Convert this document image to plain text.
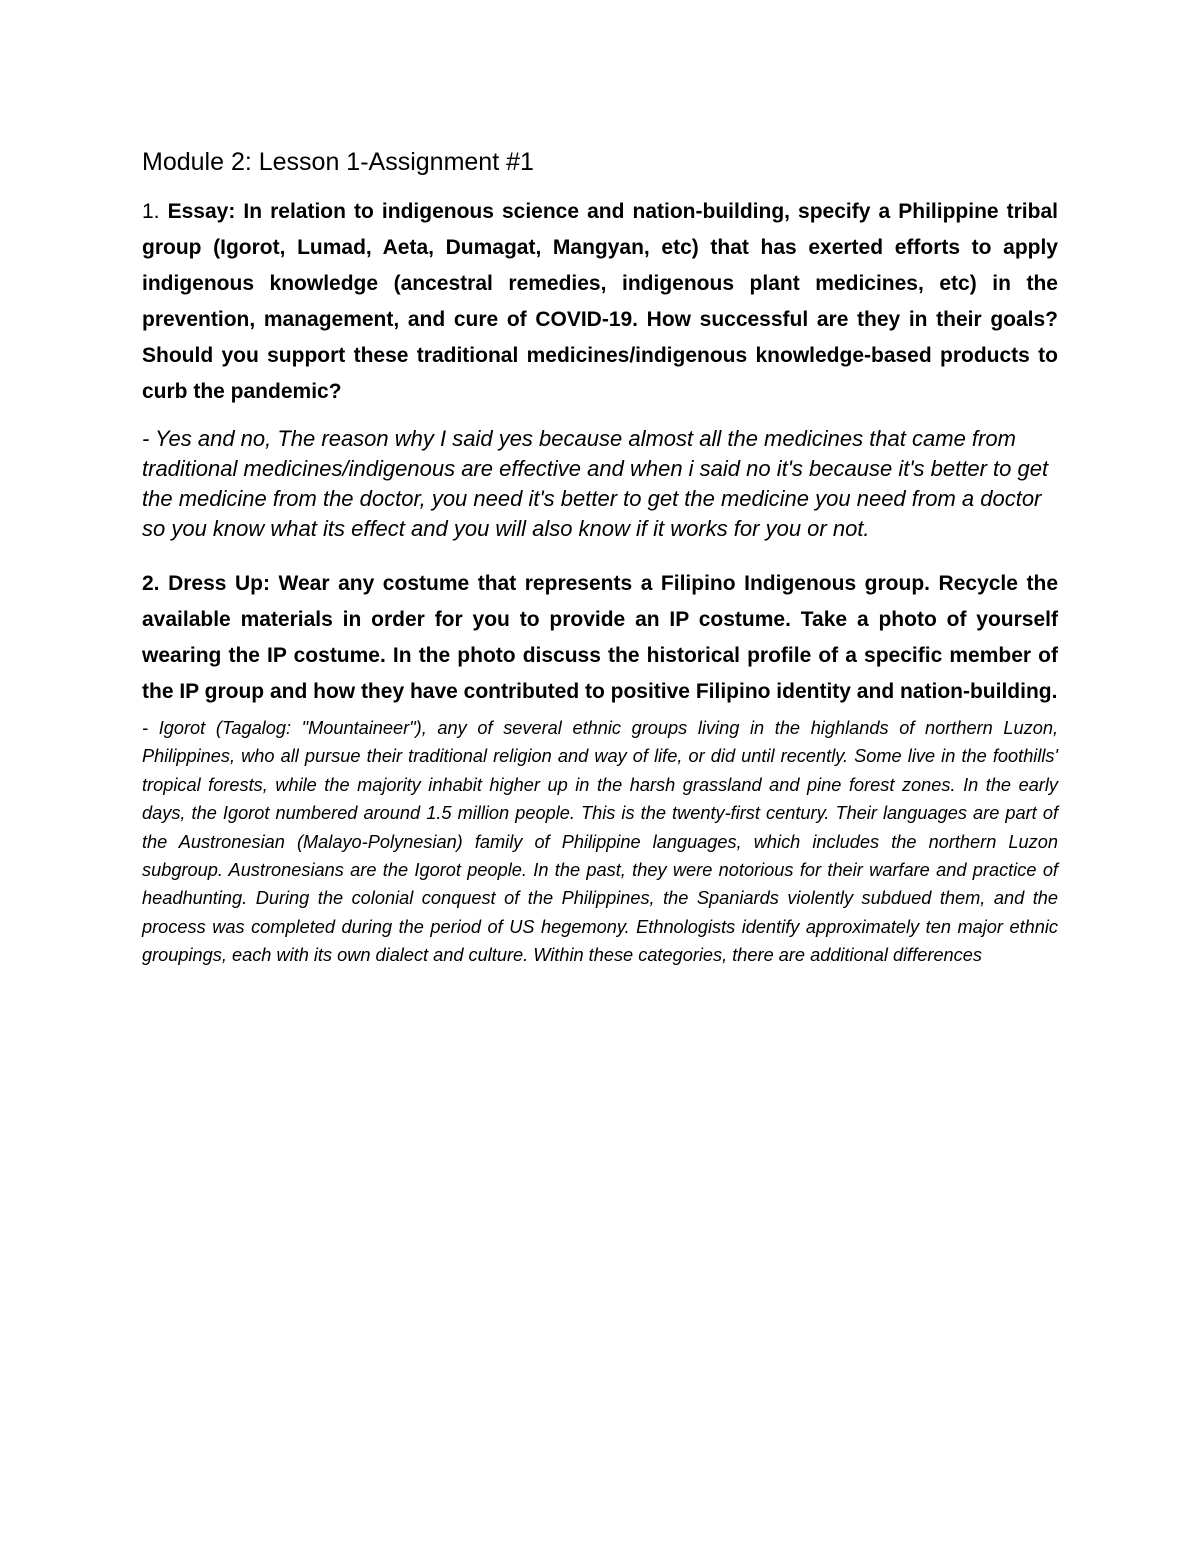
Module 2: Lesson 1-Assignment #1

1. Essay: In relation to indigenous science and nation-building, specify a Philippine tribal group (Igorot, Lumad, Aeta, Dumagat, Mangyan, etc) that has exerted efforts to apply indigenous knowledge (ancestral remedies, indigenous plant medicines, etc) in the prevention, management, and cure of COVID-19. How successful are they in their goals? Should you support these traditional medicines/indigenous knowledge-based products to curb the pandemic?

- Yes and no, The reason why I said yes because almost all the medicines that came from traditional medicines/indigenous are effective and when i said no it's because it's better to get the medicine from the doctor, you need it's better to get the medicine you need from a doctor so you know what its effect and you will also know if it works for you or not.

2. Dress Up: Wear any costume that represents a Filipino Indigenous group. Recycle the available materials in order for you to provide an IP costume. Take a photo of yourself wearing the IP costume. In the photo discuss the historical profile of a specific member of the IP group and how they have contributed to positive Filipino identity and nation-building.

- Igorot (Tagalog: "Mountaineer"), any of several ethnic groups living in the highlands of northern Luzon, Philippines, who all pursue their traditional religion and way of life, or did until recently. Some live in the foothills' tropical forests, while the majority inhabit higher up in the harsh grassland and pine forest zones. In the early days, the Igorot numbered around 1.5 million people. This is the twenty-first century. Their languages are part of the Austronesian (Malayo-Polynesian) family of Philippine languages, which includes the northern Luzon subgroup. Austronesians are the Igorot people. In the past, they were notorious for their warfare and practice of headhunting. During the colonial conquest of the Philippines, the Spaniards violently subdued them, and the process was completed during the period of US hegemony. Ethnologists identify approximately ten major ethnic groupings, each with its own dialect and culture. Within these categories, there are additional differences
